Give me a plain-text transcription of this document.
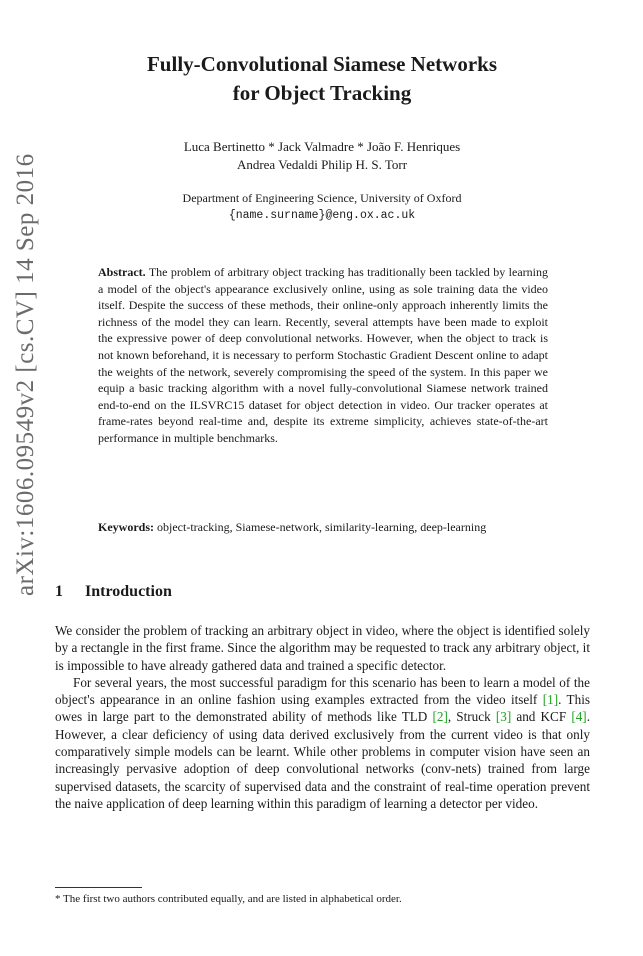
arXiv:1606.09549v2 [cs.CV] 14 Sep 2016
Fully-Convolutional Siamese Networks
for Object Tracking
Luca Bertinetto * Jack Valmadre * João F. Henriques
Andrea Vedaldi Philip H. S. Torr
Department of Engineering Science, University of Oxford
{name.surname}@eng.ox.ac.uk
Abstract. The problem of arbitrary object tracking has traditionally been tackled by learning a model of the object's appearance exclusively online, using as sole training data the video itself. Despite the success of these methods, their online-only approach inherently limits the richness of the model they can learn. Recently, several attempts have been made to exploit the expressive power of deep convolutional networks. However, when the object to track is not known beforehand, it is necessary to perform Stochastic Gradient Descent online to adapt the weights of the network, severely compromising the speed of the system. In this paper we equip a basic tracking algorithm with a novel fully-convolutional Siamese network trained end-to-end on the ILSVRC15 dataset for object detection in video. Our tracker operates at frame-rates beyond real-time and, despite its extreme simplicity, achieves state-of-the-art performance in multiple benchmarks.
Keywords: object-tracking, Siamese-network, similarity-learning, deep-learning
1 Introduction

We consider the problem of tracking an arbitrary object in video, where the object is identified solely by a rectangle in the first frame. Since the algorithm may be requested to track any arbitrary object, it is impossible to have already gathered data and trained a specific detector.

For several years, the most successful paradigm for this scenario has been to learn a model of the object's appearance in an online fashion using examples extracted from the video itself [1]. This owes in large part to the demonstrated ability of methods like TLD [2], Struck [3] and KCF [4]. However, a clear deficiency of using data derived exclusively from the current video is that only comparatively simple models can be learnt. While other problems in computer vision have seen an increasingly pervasive adoption of deep convolutional networks (conv-nets) trained from large supervised datasets, the scarcity of supervised data and the constraint of real-time operation prevent the naive application of deep learning within this paradigm of learning a detector per video.

* The first two authors contributed equally, and are listed in alphabetical order.
